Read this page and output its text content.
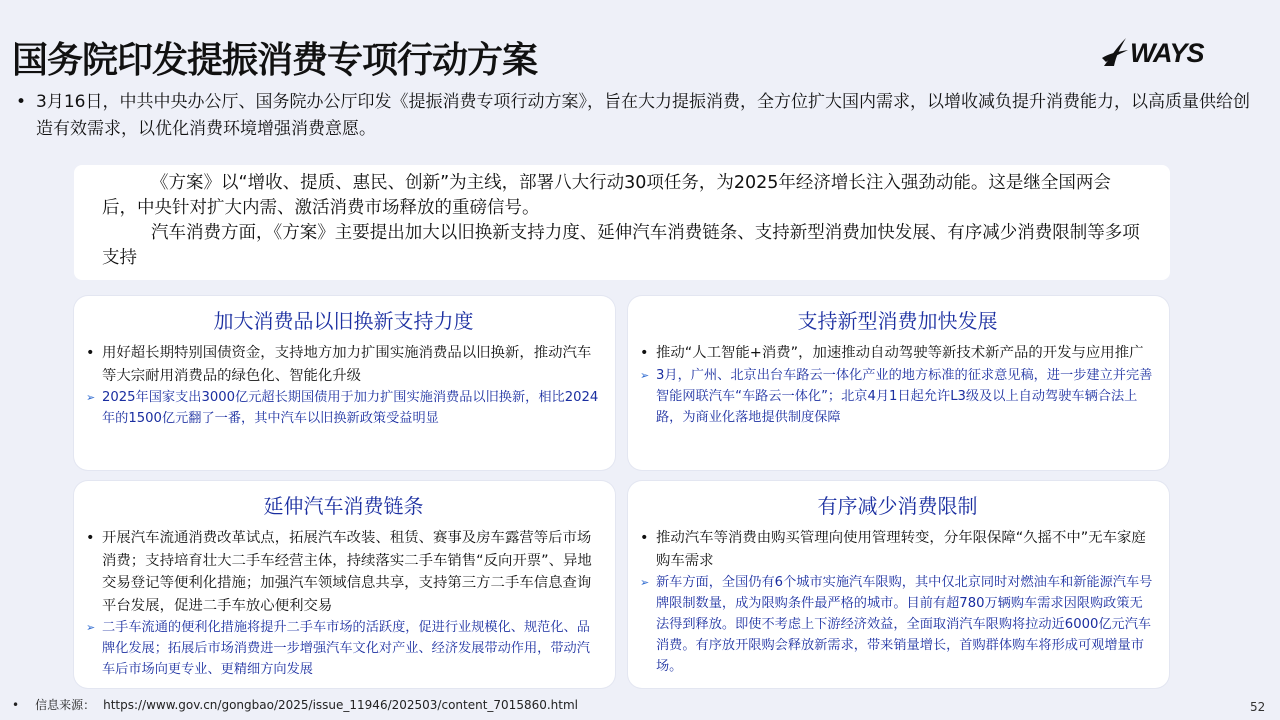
国务院印发提振消费专项行动方案	WAYS
• 3月16日，中共中央办公厅、国务院办公厅印发《提振消费专项行动方案》，旨在大力提振消费，全方位扩大国内需求，以增收减负提升消费能力，以高质量供给创造有效需求，以优化消费环境增强消费意愿。

《方案》以“增收、提质、惠民、创新”为主线，部署八大行动30项任务，为2025年经济增长注入强劲动能。这是继全国两会后，中央针对扩大内需、激活消费市场释放的重磅信号。

汽车消费方面，《方案》主要提出加大以旧换新支持力度、延伸汽车消费链条、支持新型消费加快发展、有序减少消费限制等多项支持

加大消费品以旧换新支持力度
• 用好超长期特别国债资金，支持地方加力扩围实施消费品以旧换新，推动汽车等大宗耐用消费品的绿色化、智能化升级
➢ 2025年国家支出3000亿元超长期国债用于加力扩围实施消费品以旧换新，相比2024年的1500亿元翻了一番，其中汽车以旧换新政策受益明显
支持新型消费加快发展
• 推动“人工智能+消费”，加速推动自动驾驶等新技术新产品的开发与应用推广
➢ 3月，广州、北京出台车路云一体化产业的地方标准的征求意见稿，进一步建立并完善智能网联汽车“车路云一体化”；北京4月1日起允许L3级及以上自动驾驶车辆合法上路，为商业化落地提供制度保障
延伸汽车消费链条
• 开展汽车流通消费改革试点，拓展汽车改装、租赁、赛事及房车露营等后市场消费；支持培育壮大二手车经营主体，持续落实二手车销售“反向开票”、异地交易登记等便利化措施；加强汽车领域信息共享，支持第三方二手车信息查询平台发展，促进二手车放心便利交易
➢ 二手车流通的便利化措施将提升二手车市场的活跃度，促进行业规模化、规范化、品牌化发展；拓展后市场消费进一步增强汽车文化对产业、经济发展带动作用，带动汽车后市场向更专业、更精细方向发展
有序减少消费限制
• 推动汽车等消费由购买管理向使用管理转变，分年限保障“久摇不中”无车家庭购车需求
➢ 新车方面，全国仍有6个城市实施汽车限购，其中仅北京同时对燃油车和新能源汽车号牌限制数量，成为限购条件最严格的城市。目前有超780万辆购车需求因限购政策无法得到释放。即使不考虑上下游经济效益，全面取消汽车限购将拉动近6000亿元汽车消费。有序放开限购会释放新需求，带来销量增长，首购群体购车将形成可观增量市场。
• 信息来源： https://www.gov.cn/gongbao/2025/issue_11946/202503/content_7015860.html	52
